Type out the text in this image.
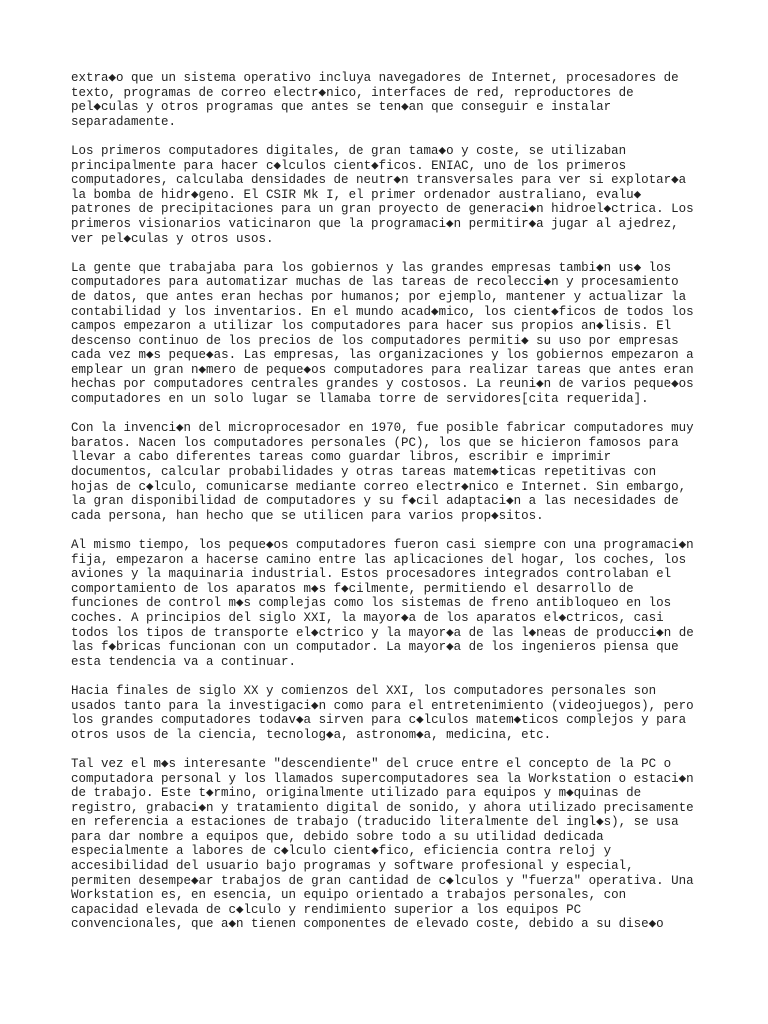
extra◆o que un sistema operativo incluya navegadores de Internet, procesadores de
texto, programas de correo electr◆nico, interfaces de red, reproductores de
pel◆culas y otros programas que antes se ten◆an que conseguir e instalar
separadamente.

Los primeros computadores digitales, de gran tama◆o y coste, se utilizaban
principalmente para hacer c◆lculos cient◆ficos. ENIAC, uno de los primeros
computadores, calculaba densidades de neutr◆n transversales para ver si explotar◆a
la bomba de hidr◆geno. El CSIR Mk I, el primer ordenador australiano, evalu◆
patrones de precipitaciones para un gran proyecto de generaci◆n hidroel◆ctrica. Los
primeros visionarios vaticinaron que la programaci◆n permitir◆a jugar al ajedrez,
ver pel◆culas y otros usos.

La gente que trabajaba para los gobiernos y las grandes empresas tambi◆n us◆ los
computadores para automatizar muchas de las tareas de recolecci◆n y procesamiento
de datos, que antes eran hechas por humanos; por ejemplo, mantener y actualizar la
contabilidad y los inventarios. En el mundo acad◆mico, los cient◆ficos de todos los
campos empezaron a utilizar los computadores para hacer sus propios an◆lisis. El
descenso continuo de los precios de los computadores permiti◆ su uso por empresas
cada vez m◆s peque◆as. Las empresas, las organizaciones y los gobiernos empezaron a
emplear un gran n◆mero de peque◆os computadores para realizar tareas que antes eran
hechas por computadores centrales grandes y costosos. La reuni◆n de varios peque◆os
computadores en un solo lugar se llamaba torre de servidores[cita requerida].

Con la invenci◆n del microprocesador en 1970, fue posible fabricar computadores muy
baratos. Nacen los computadores personales (PC), los que se hicieron famosos para
llevar a cabo diferentes tareas como guardar libros, escribir e imprimir
documentos, calcular probabilidades y otras tareas matem◆ticas repetitivas con
hojas de c◆lculo, comunicarse mediante correo electr◆nico e Internet. Sin embargo,
la gran disponibilidad de computadores y su f◆cil adaptaci◆n a las necesidades de
cada persona, han hecho que se utilicen para varios prop◆sitos.

Al mismo tiempo, los peque◆os computadores fueron casi siempre con una programaci◆n
fija, empezaron a hacerse camino entre las aplicaciones del hogar, los coches, los
aviones y la maquinaria industrial. Estos procesadores integrados controlaban el
comportamiento de los aparatos m◆s f◆cilmente, permitiendo el desarrollo de
funciones de control m◆s complejas como los sistemas de freno antibloqueo en los
coches. A principios del siglo XXI, la mayor◆a de los aparatos el◆ctricos, casi
todos los tipos de transporte el◆ctrico y la mayor◆a de las l◆neas de producci◆n de
las f◆bricas funcionan con un computador. La mayor◆a de los ingenieros piensa que
esta tendencia va a continuar.

Hacia finales de siglo XX y comienzos del XXI, los computadores personales son
usados tanto para la investigaci◆n como para el entretenimiento (videojuegos), pero
los grandes computadores todav◆a sirven para c◆lculos matem◆ticos complejos y para
otros usos de la ciencia, tecnolog◆a, astronom◆a, medicina, etc.

Tal vez el m◆s interesante "descendiente" del cruce entre el concepto de la PC o
computadora personal y los llamados supercomputadores sea la Workstation o estaci◆n
de trabajo. Este t◆rmino, originalmente utilizado para equipos y m◆quinas de
registro, grabaci◆n y tratamiento digital de sonido, y ahora utilizado precisamente
en referencia a estaciones de trabajo (traducido literalmente del ingl◆s), se usa
para dar nombre a equipos que, debido sobre todo a su utilidad dedicada
especialmente a labores de c◆lculo cient◆fico, eficiencia contra reloj y
accesibilidad del usuario bajo programas y software profesional y especial,
permiten desempe◆ar trabajos de gran cantidad de c◆lculos y "fuerza" operativa. Una
Workstation es, en esencia, un equipo orientado a trabajos personales, con
capacidad elevada de c◆lculo y rendimiento superior a los equipos PC
convencionales, que a◆n tienen componentes de elevado coste, debido a su dise◆o
